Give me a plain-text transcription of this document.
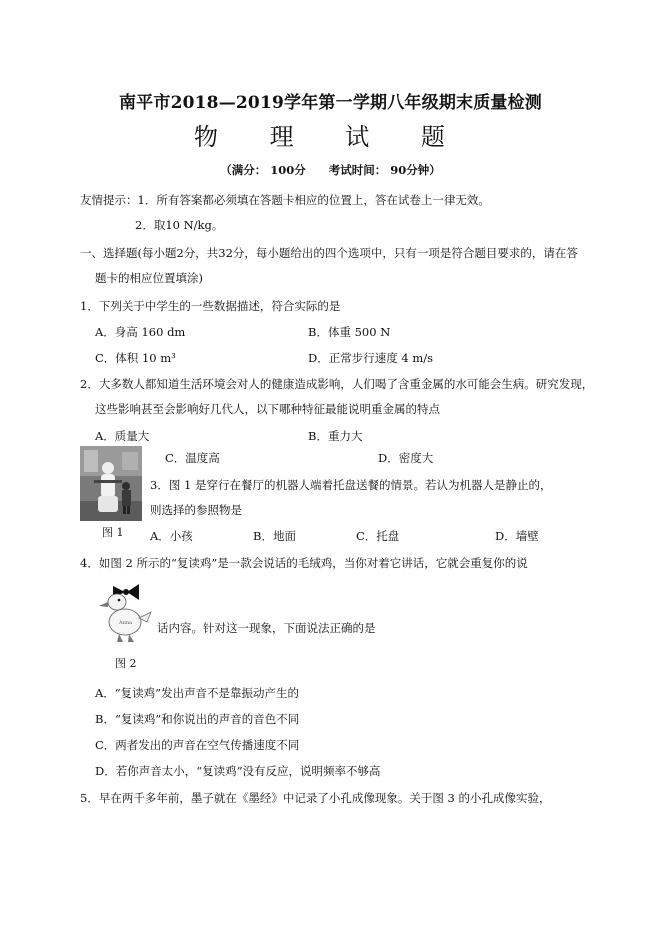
南平市2018—2019学年第一学期八年级期末质量检测
物 理 试 题
（满分： 100分　　考试时间： 90分钟）
友情提示：1．所有答案都必须填在答题卡相应的位置上，答在试卷上一律无效。
2．取10 N/kg。
一、选择题(每小题2分，共32分，每小题给出的四个选项中，只有一项是符合题目要求的，请在答
题卡的相应位置填涂)
1．下列关于中学生的一些数据描述，符合实际的是
A．身高 160 dm	B．体重 500 N
C．体积 10 m³	D．正常步行速度 4 m/s
2．大多数人都知道生活环境会对人的健康造成影响，人们喝了含重金属的水可能会生病。研究发现，
这些影响甚至会影响好几代人，以下哪种特征最能说明重金属的特点
A．质量大	B．重力大
C．温度高	D．密度大
图 1
3．图 1 是穿行在餐厅的机器人端着托盘送餐的情景。若认为机器人是静止的，
则选择的参照物是
A．小孩	B．地面	C．托盘	D．墙壁
4．如图 2 所示的“复读鸡”是一款会说话的毛绒鸡，当你对着它讲话，它就会重复你的说
Anna
图 2
话内容。针对这一现象，下面说法正确的是
A．“复读鸡”发出声音不是靠振动产生的
B．“复读鸡”和你说出的声音的音色不同
C．两者发出的声音在空气传播速度不同
D．若你声音太小，“复读鸡”没有反应，说明频率不够高
5．早在两千多年前，墨子就在《墨经》中记录了小孔成像现象。关于图 3 的小孔成像实验，
